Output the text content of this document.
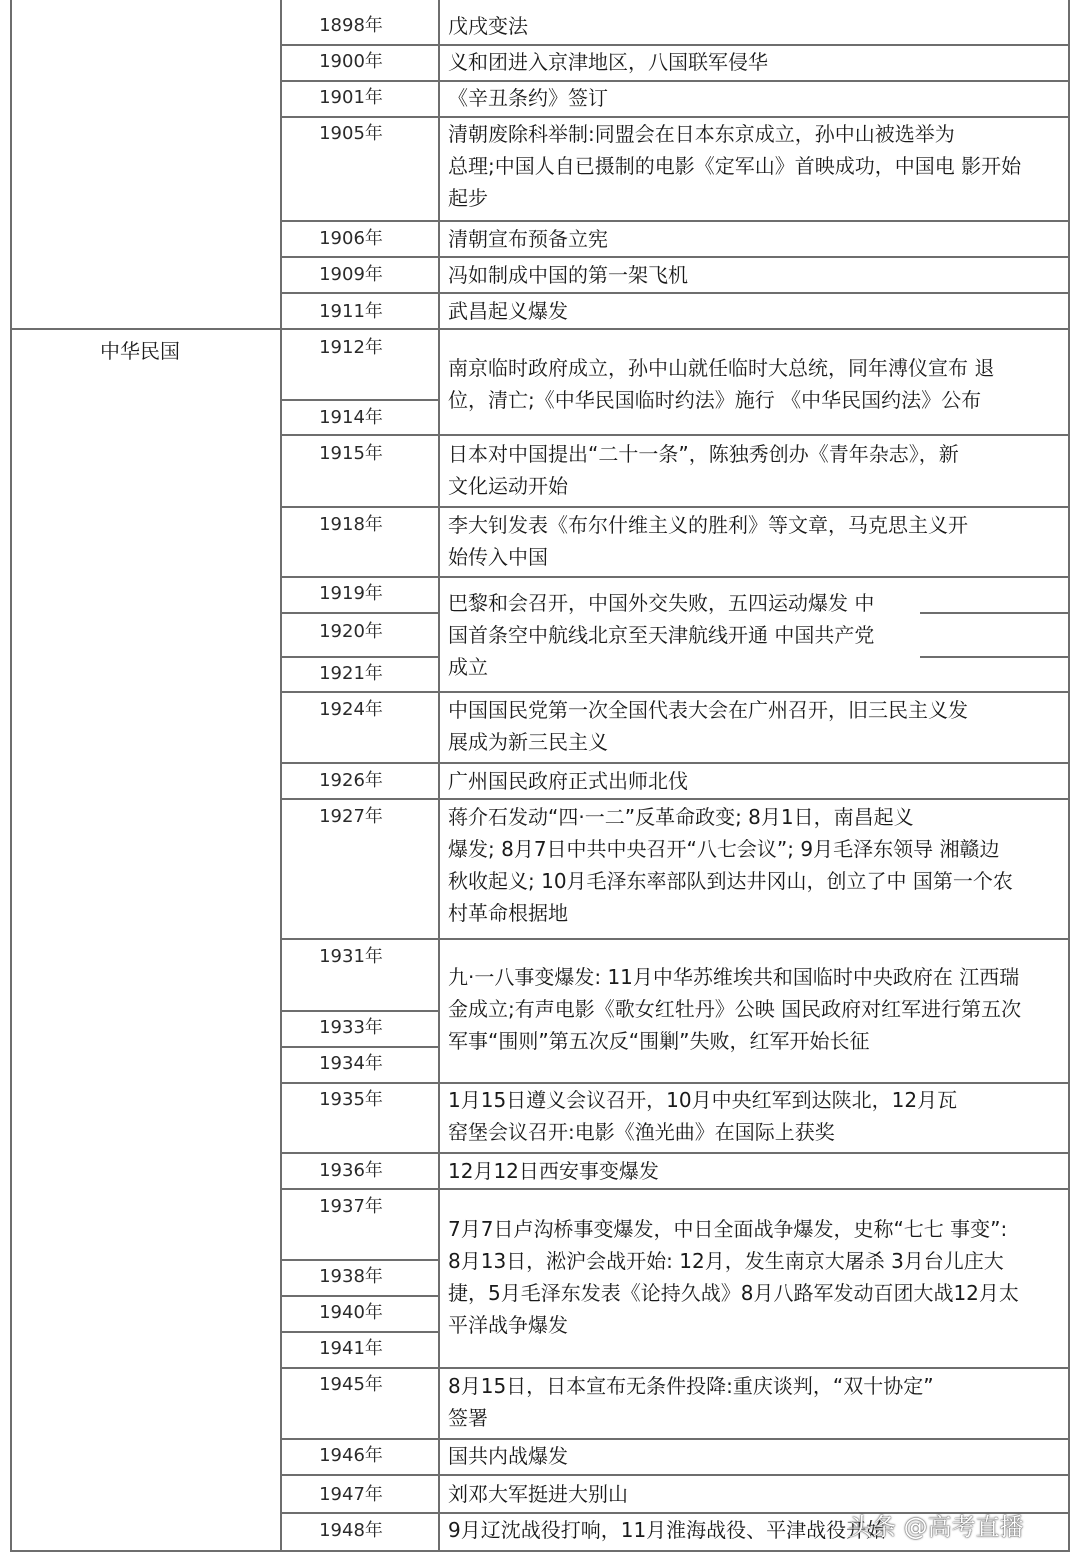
中华民国
1898年
1900年
1901年
1905年
1906年
1909年
1911年
1912年
1914年
1915年
1918年
1919年
1920年
1921年
1924年
1926年
1927年
1931年
1933年
1934年
1935年
1936年
1937年
1938年
1940年
1941年
1945年
1946年
1947年
1948年
戊戌变法
义和团进入京津地区，八国联军侵华
《辛丑条约》签订
清朝废除科举制:同盟会在日本东京成立，孙中山被选举为
总理;中国人自已摄制的电影《定军山》首映成功，中国电 影开始
起步
清朝宣布预备立宪
冯如制成中国的第一架飞机
武昌起义爆发
南京临时政府成立，孙中山就任临时大总统，同年溥仪宣布 退
位，清亡;《中华民国临时约法》施行 《中华民国约法》公布
日本对中国提出“二十一条”，陈独秀创办《青年杂志》，新
文化运动开始
李大钊发表《布尔什维主义的胜利》等文章，马克思主义开
始传入中国
巴黎和会召开，中国外交失败，五四运动爆发 中
国首条空中航线北京至天津航线开通 中国共产党
成立
中国国民党第一次全国代表大会在广州召开，旧三民主义发
展成为新三民主义
广州国民政府正式出师北伐
蒋介石发动“四·一二”反革命政变; 8月1日，南昌起义
爆发; 8月7日中共中央召开“八七会议”; 9月毛泽东领导 湘赣边
秋收起义; 10月毛泽东率部队到达井冈山，创立了中 国第一个农
村革命根据地
九·一八事变爆发: 11月中华苏维埃共和国临时中央政府在 江西瑞
金成立;有声电影《歌女红牡丹》公映 国民政府对红军进行第五次
军事“围则”第五次反“围剿”失败，红军开始长征
1月15日遵义会议召开，10月中央红军到达陕北，12月瓦
窑堡会议召开:电影《渔光曲》在国际上获奖
12月12日西安事变爆发
7月7日卢沟桥事变爆发，中日全面战争爆发，史称“七七 事变”:
8月13日，淞沪会战开始: 12月，发生南京大屠杀 3月台儿庄大
捷，5月毛泽东发表《论持久战》8月八路军发动百团大战12月太
平洋战争爆发
8月15日，日本宣布无条件投降:重庆谈判，“双十协定”
签署
国共内战爆发
刘邓大军挺进大别山
9月辽沈战役打响，11月淮海战役、平津战役开始
头条 @高考直播
